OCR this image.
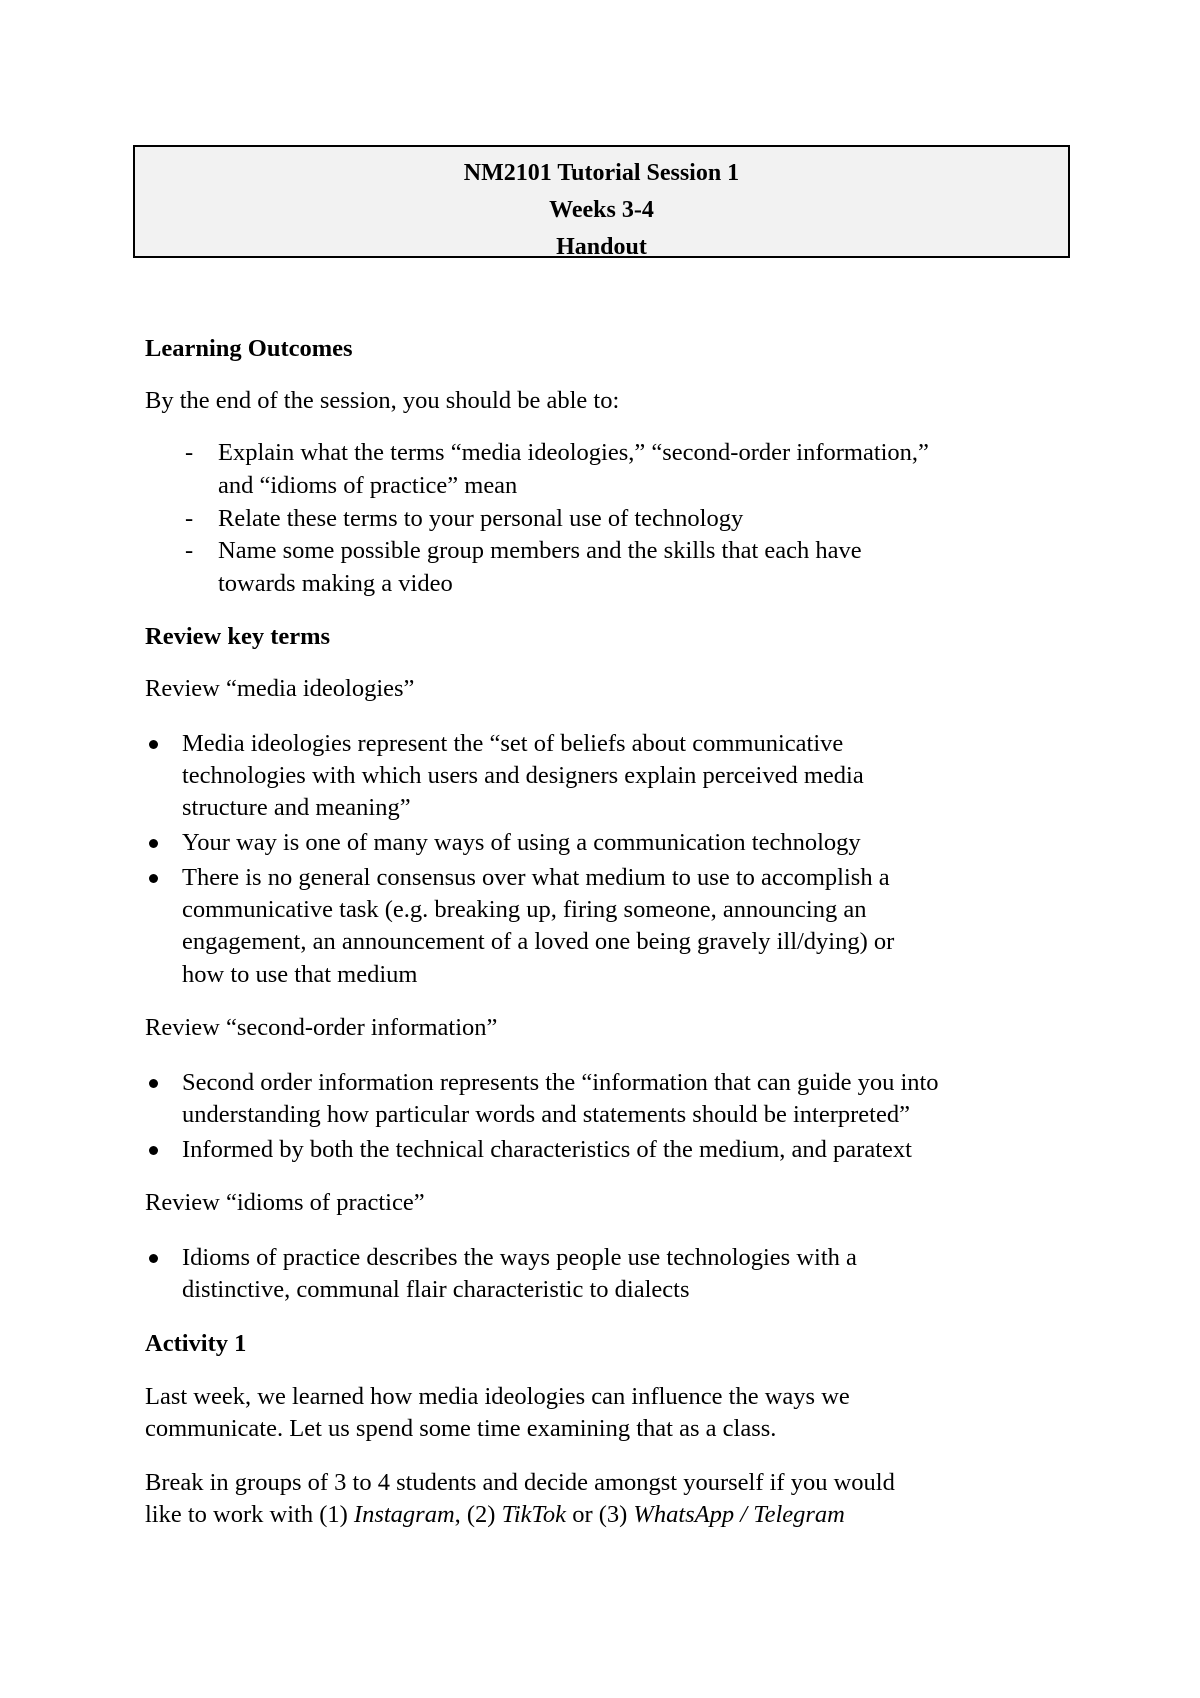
NM2101 Tutorial Session 1
Weeks 3-4
Handout
Learning Outcomes
By the end of the session, you should be able to:
- Explain what the terms “media ideologies,” “second-order information,”
and “idioms of practice” mean
- Relate these terms to your personal use of technology
- Name some possible group members and the skills that each have
towards making a video
Review key terms
Review “media ideologies”
Media ideologies represent the “set of beliefs about communicative
technologies with which users and designers explain perceived media
structure and meaning”
Your way is one of many ways of using a communication technology
There is no general consensus over what medium to use to accomplish a
communicative task (e.g. breaking up, firing someone, announcing an
engagement, an announcement of a loved one being gravely ill/dying) or
how to use that medium
Review “second-order information”
Second order information represents the “information that can guide you into
understanding how particular words and statements should be interpreted”
Informed by both the technical characteristics of the medium, and paratext
Review “idioms of practice”
Idioms of practice describes the ways people use technologies with a
distinctive, communal flair characteristic to dialects
Activity 1
Last week, we learned how media ideologies can influence the ways we
communicate. Let us spend some time examining that as a class.
Break in groups of 3 to 4 students and decide amongst yourself if you would
like to work with (1) Instagram, (2) TikTok or (3) WhatsApp / Telegram
